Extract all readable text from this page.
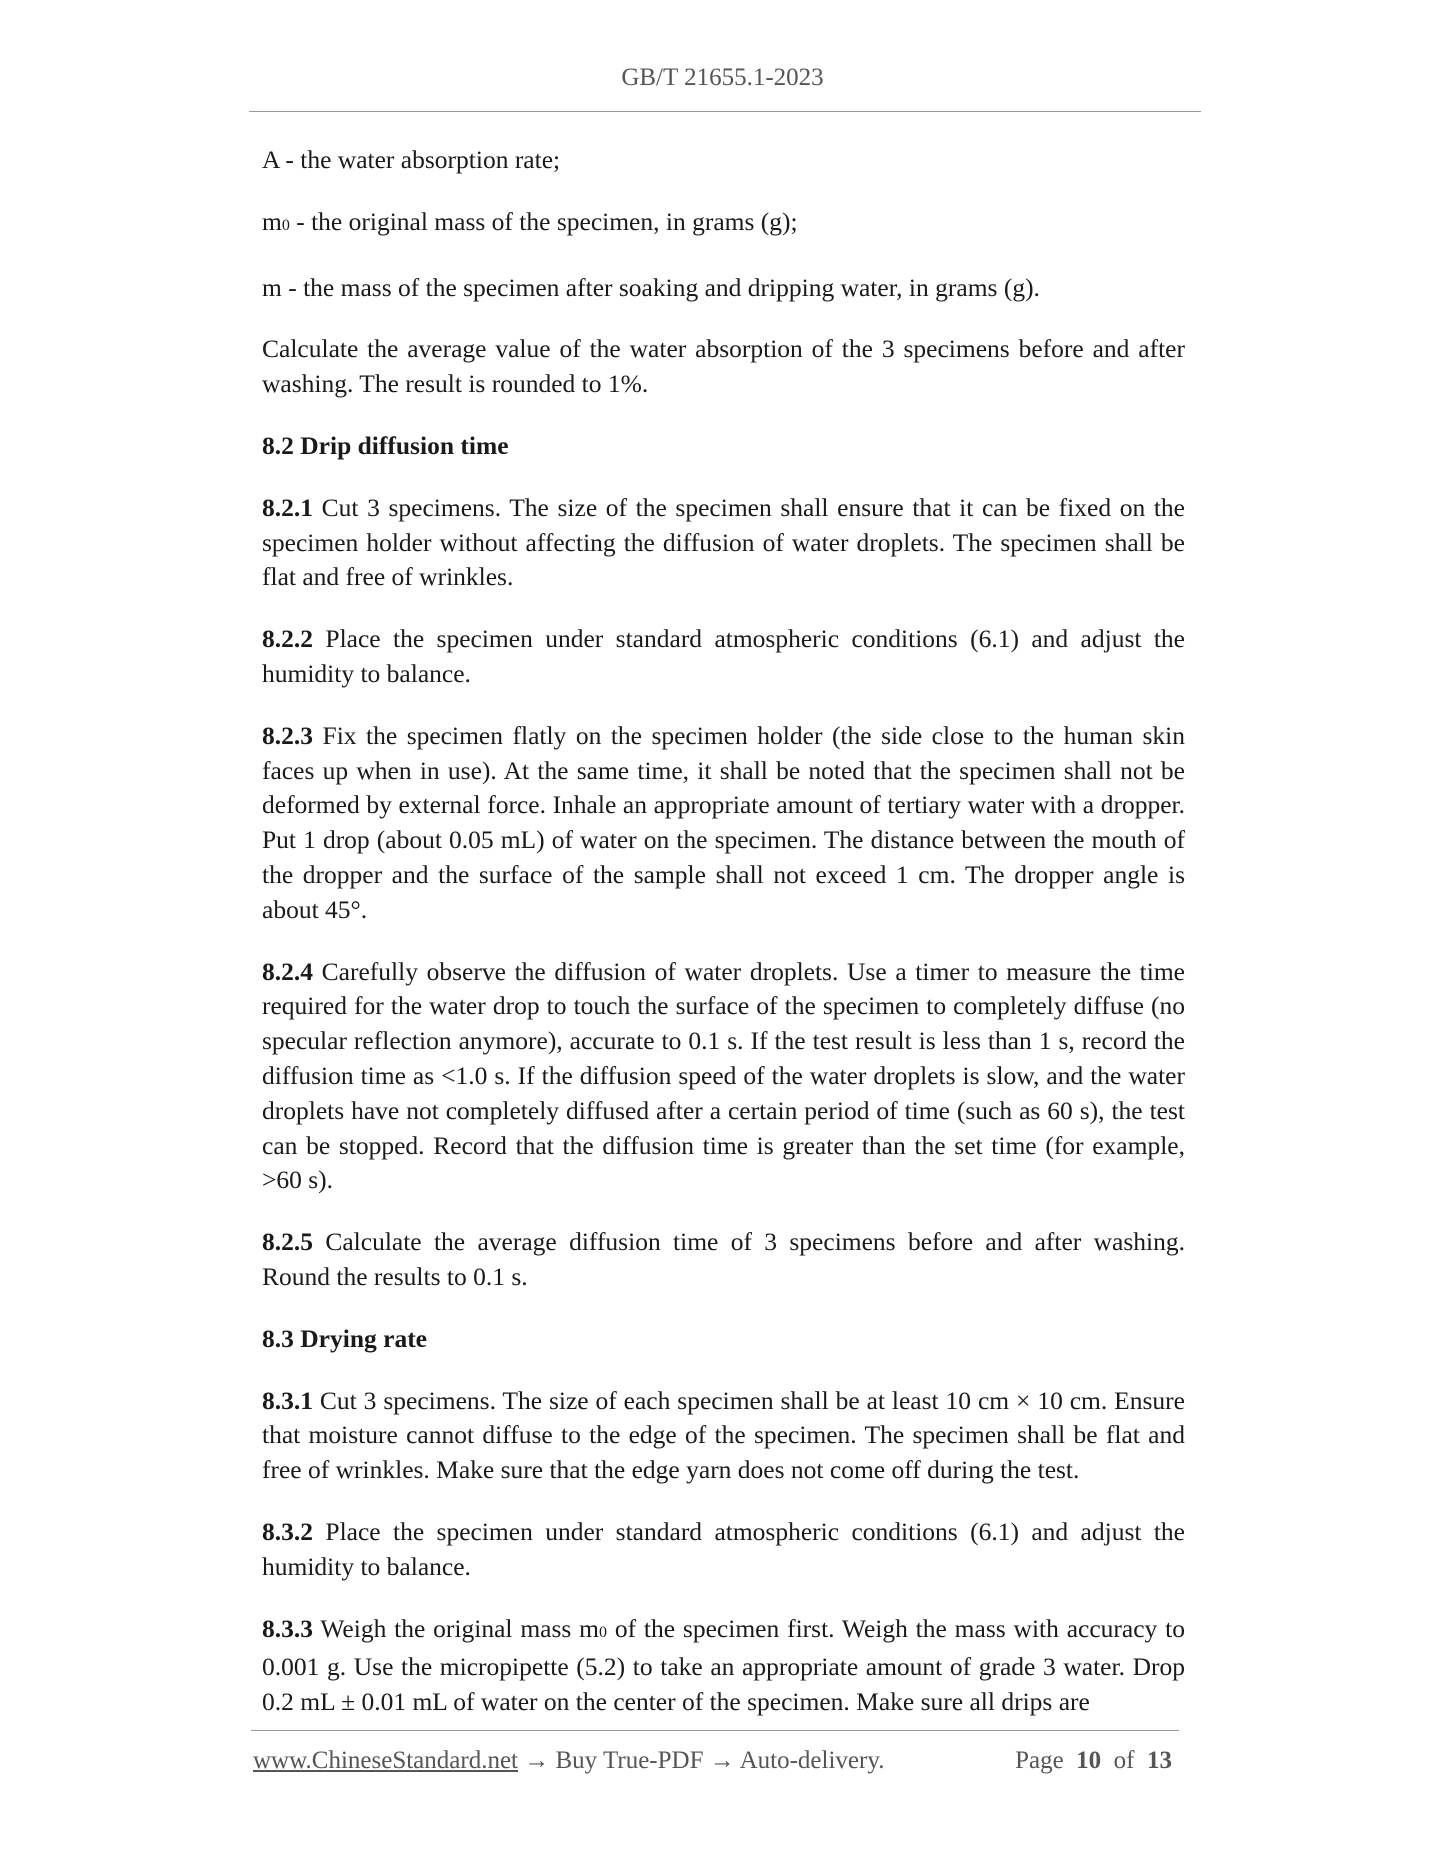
GB/T 21655.1-2023

A - the water absorption rate;

m0 - the original mass of the specimen, in grams (g);

m - the mass of the specimen after soaking and dripping water, in grams (g).

Calculate the average value of the water absorption of the 3 specimens before and after washing. The result is rounded to 1%.

8.2 Drip diffusion time

8.2.1 Cut 3 specimens. The size of the specimen shall ensure that it can be fixed on the specimen holder without affecting the diffusion of water droplets. The specimen shall be flat and free of wrinkles.

8.2.2 Place the specimen under standard atmospheric conditions (6.1) and adjust the humidity to balance.

8.2.3 Fix the specimen flatly on the specimen holder (the side close to the human skin faces up when in use). At the same time, it shall be noted that the specimen shall not be deformed by external force. Inhale an appropriate amount of tertiary water with a dropper. Put 1 drop (about 0.05 mL) of water on the specimen. The distance between the mouth of the dropper and the surface of the sample shall not exceed 1 cm. The dropper angle is about 45°.

8.2.4 Carefully observe the diffusion of water droplets. Use a timer to measure the time required for the water drop to touch the surface of the specimen to completely diffuse (no specular reflection anymore), accurate to 0.1 s. If the test result is less than 1 s, record the diffusion time as <1.0 s. If the diffusion speed of the water droplets is slow, and the water droplets have not completely diffused after a certain period of time (such as 60 s), the test can be stopped. Record that the diffusion time is greater than the set time (for example, >60 s).

8.2.5 Calculate the average diffusion time of 3 specimens before and after washing. Round the results to 0.1 s.

8.3 Drying rate

8.3.1 Cut 3 specimens. The size of each specimen shall be at least 10 cm × 10 cm. Ensure that moisture cannot diffuse to the edge of the specimen. The specimen shall be flat and free of wrinkles. Make sure that the edge yarn does not come off during the test.

8.3.2 Place the specimen under standard atmospheric conditions (6.1) and adjust the humidity to balance.

8.3.3 Weigh the original mass m0 of the specimen first. Weigh the mass with accuracy to 0.001 g. Use the micropipette (5.2) to take an appropriate amount of grade 3 water. Drop 0.2 mL ± 0.01 mL of water on the center of the specimen. Make sure all drips are

www.ChineseStandard.net → Buy True-PDF → Auto-delivery.	Page 10 of 13
